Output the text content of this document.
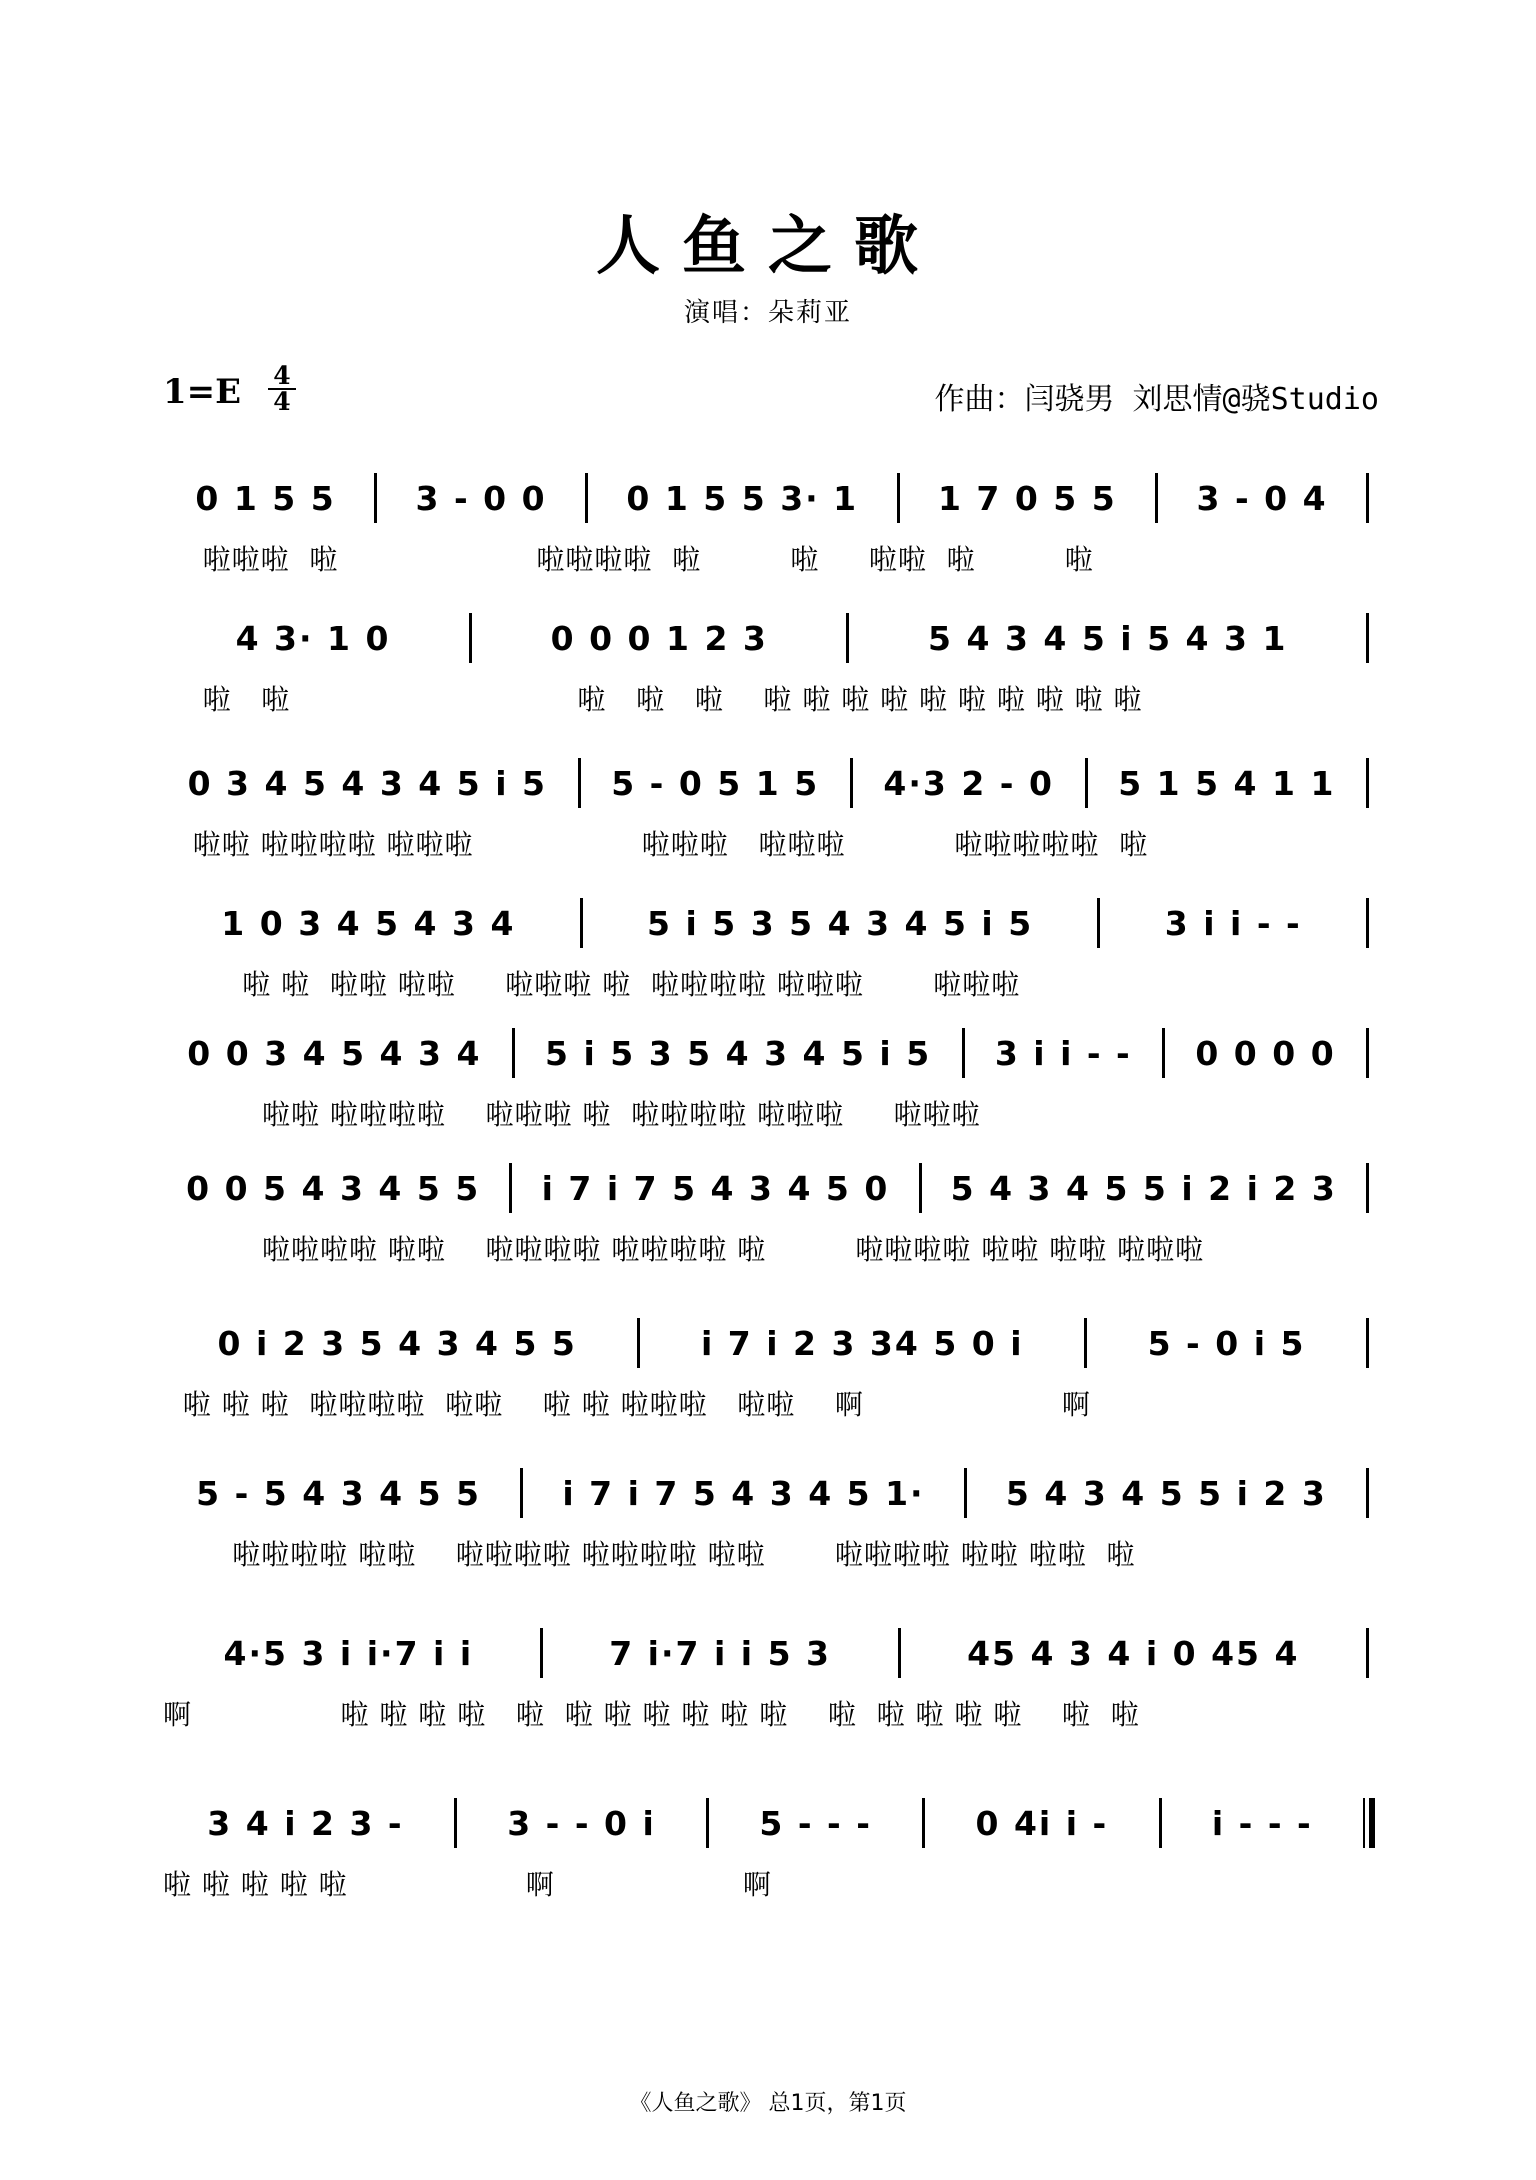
人鱼之歌
演唱：朵莉亚
1=E 4
4	作曲：闫骁男 刘思情@骁Studio
0 1 5 5	3 - 0 0	0 1 5 5 3· 1	1 7 0 5 5	3 - 0 4
啦啦啦  啦                    啦啦啦啦  啦         啦     啦啦  啦         啦
4 3· 1 0	0 0 0 1 2 3	5 4 3 4 5 i 5 4 3 1
啦   啦                             啦   啦   啦    啦 啦 啦 啦 啦 啦 啦 啦 啦 啦
0 3 4 5 4 3 4 5 i 5	5 - 0 5 1 5	4·3 2 - 0	5 1 5 4 1 1
啦啦 啦啦啦啦 啦啦啦                 啦啦啦   啦啦啦           啦啦啦啦啦  啦
1 0 3 4 5 4 3 4	5 i 5 3 5 4 3 4 5 i 5	3 i i - -
啦 啦  啦啦 啦啦     啦啦啦 啦  啦啦啦啦 啦啦啦       啦啦啦
0 0 3 4 5 4 3 4	5 i 5 3 5 4 3 4 5 i 5	3 i i - -	0 0 0 0
啦啦 啦啦啦啦    啦啦啦 啦  啦啦啦啦 啦啦啦     啦啦啦
0 0 5 4 3 4 5 5	i 7 i 7 5 4 3 4 5 0	5 4 3 4 5 5 i 2 i 2 3
啦啦啦啦 啦啦    啦啦啦啦 啦啦啦啦 啦         啦啦啦啦 啦啦 啦啦 啦啦啦
0 i 2 3 5 4 3 4 5 5	i 7 i 2 3 34 5 0 i	5 - 0 i 5
啦 啦 啦  啦啦啦啦  啦啦    啦 啦 啦啦啦   啦啦    啊                    啊
5 - 5 4 3 4 5 5	i 7 i 7 5 4 3 4 5 1·	5 4 3 4 5 5 i 2 3
啦啦啦啦 啦啦    啦啦啦啦 啦啦啦啦 啦啦       啦啦啦啦 啦啦 啦啦  啦
4·5 3 i i·7 i i	7 i·7 i i 5 3	45 4 3 4 i 0 45 4
啊               啦 啦 啦 啦   啦  啦 啦 啦 啦 啦 啦    啦  啦 啦 啦 啦    啦  啦
3 4 i 2 3 -	3 - - 0 i	5 - - -	0 4i i -	i - - -
啦 啦 啦 啦 啦                  啊                   啊
《人鱼之歌》 总1页，第1页
